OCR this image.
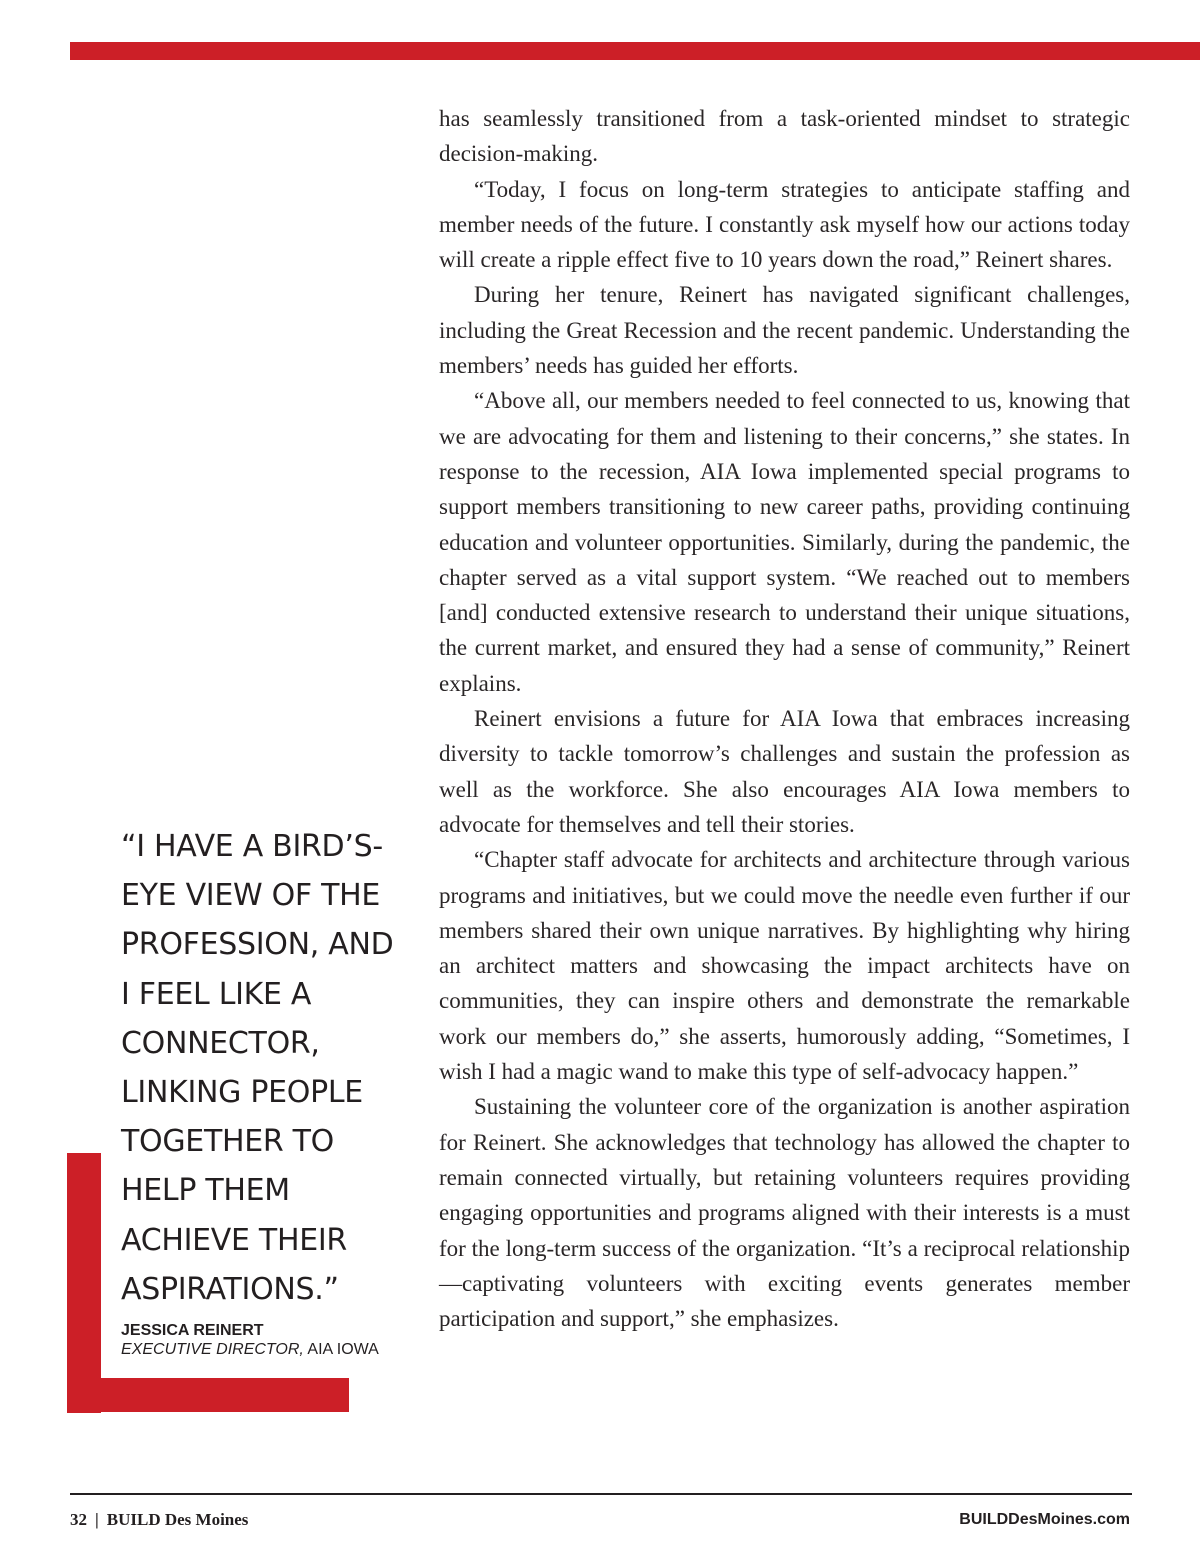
has seamlessly transitioned from a task-oriented mindset to strategic decision-making.

“Today, I focus on long-term strategies to anticipate staffing and member needs of the future. I constantly ask myself how our actions today will create a ripple effect five to 10 years down the road,” Reinert shares.

During her tenure, Reinert has navigated significant challenges, including the Great Recession and the recent pandemic. Understanding the members’ needs has guided her efforts.

“Above all, our members needed to feel connected to us, knowing that we are advocating for them and listening to their concerns,” she states. In response to the recession, AIA Iowa implemented special programs to support members transitioning to new career paths, providing continuing education and volunteer opportunities. Similarly, during the pandemic, the chapter served as a vital support system. “We reached out to members [and] conducted extensive research to understand their unique situations, the current market, and ensured they had a sense of community,” Reinert explains.

Reinert envisions a future for AIA Iowa that embraces increasing diversity to tackle tomorrow’s challenges and sustain the profession as well as the workforce. She also encourages AIA Iowa members to advocate for themselves and tell their stories.

“Chapter staff advocate for architects and architecture through various programs and initiatives, but we could move the needle even further if our members shared their own unique narratives. By highlighting why hiring an architect matters and showcasing the impact architects have on communities, they can inspire others and demonstrate the remarkable work our members do,” she asserts, humorously adding, “Sometimes, I wish I had a magic wand to make this type of self-advocacy happen.”

Sustaining the volunteer core of the organization is another aspiration for Reinert. She acknowledges that technology has allowed the chapter to remain connected virtually, but retaining volunteers requires providing engaging opportunities and programs aligned with their interests is a must for the long-term success of the organization. “It’s a reciprocal relationship—captivating volunteers with exciting events generates member participation and support,” she emphasizes.

“I HAVE A BIRD’S-EYE VIEW OF THE PROFESSION, AND I FEEL LIKE A CONNECTOR, LINKING PEOPLE TOGETHER TO HELP THEM ACHIEVE THEIR ASPIRATIONS.”
JESSICA REINERT
EXECUTIVE DIRECTOR, AIA IOWA
32 | BUILD Des Moines	BUILDDesMoines.com
